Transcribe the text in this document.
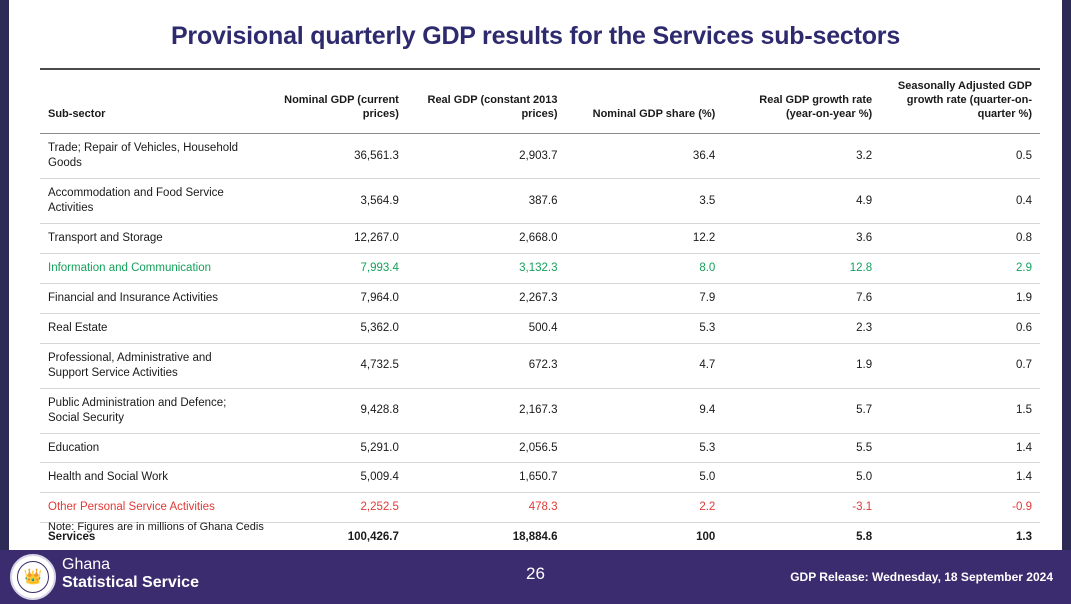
Provisional quarterly GDP results for the Services sub-sectors
Sub-sector	Nominal GDP (current prices)	Real GDP (constant 2013 prices)	Nominal GDP share (%)	Real GDP growth rate (year-on-year %)	Seasonally Adjusted GDP growth rate (quarter-on-quarter %)
Trade; Repair of Vehicles, Household Goods	36,561.3	2,903.7	36.4	3.2	0.5
Accommodation and Food Service Activities	3,564.9	387.6	3.5	4.9	0.4
Transport and Storage	12,267.0	2,668.0	12.2	3.6	0.8
Information and Communication	7,993.4	3,132.3	8.0	12.8	2.9
Financial and Insurance Activities	7,964.0	2,267.3	7.9	7.6	1.9
Real Estate	5,362.0	500.4	5.3	2.3	0.6
Professional, Administrative and Support Service Activities	4,732.5	672.3	4.7	1.9	0.7
Public Administration and Defence; Social Security	9,428.8	2,167.3	9.4	5.7	1.5
Education	5,291.0	2,056.5	5.3	5.5	1.4
Health and Social Work	5,009.4	1,650.7	5.0	5.0	1.4
Other Personal Service Activities	2,252.5	478.3	2.2	-3.1	-0.9
Services	100,426.7	18,884.6	100	5.8	1.3
Note: Figures are in millions of Ghana Cedis
👑
Ghana
Statistical Service	26	GDP Release: Wednesday, 18 September 2024
